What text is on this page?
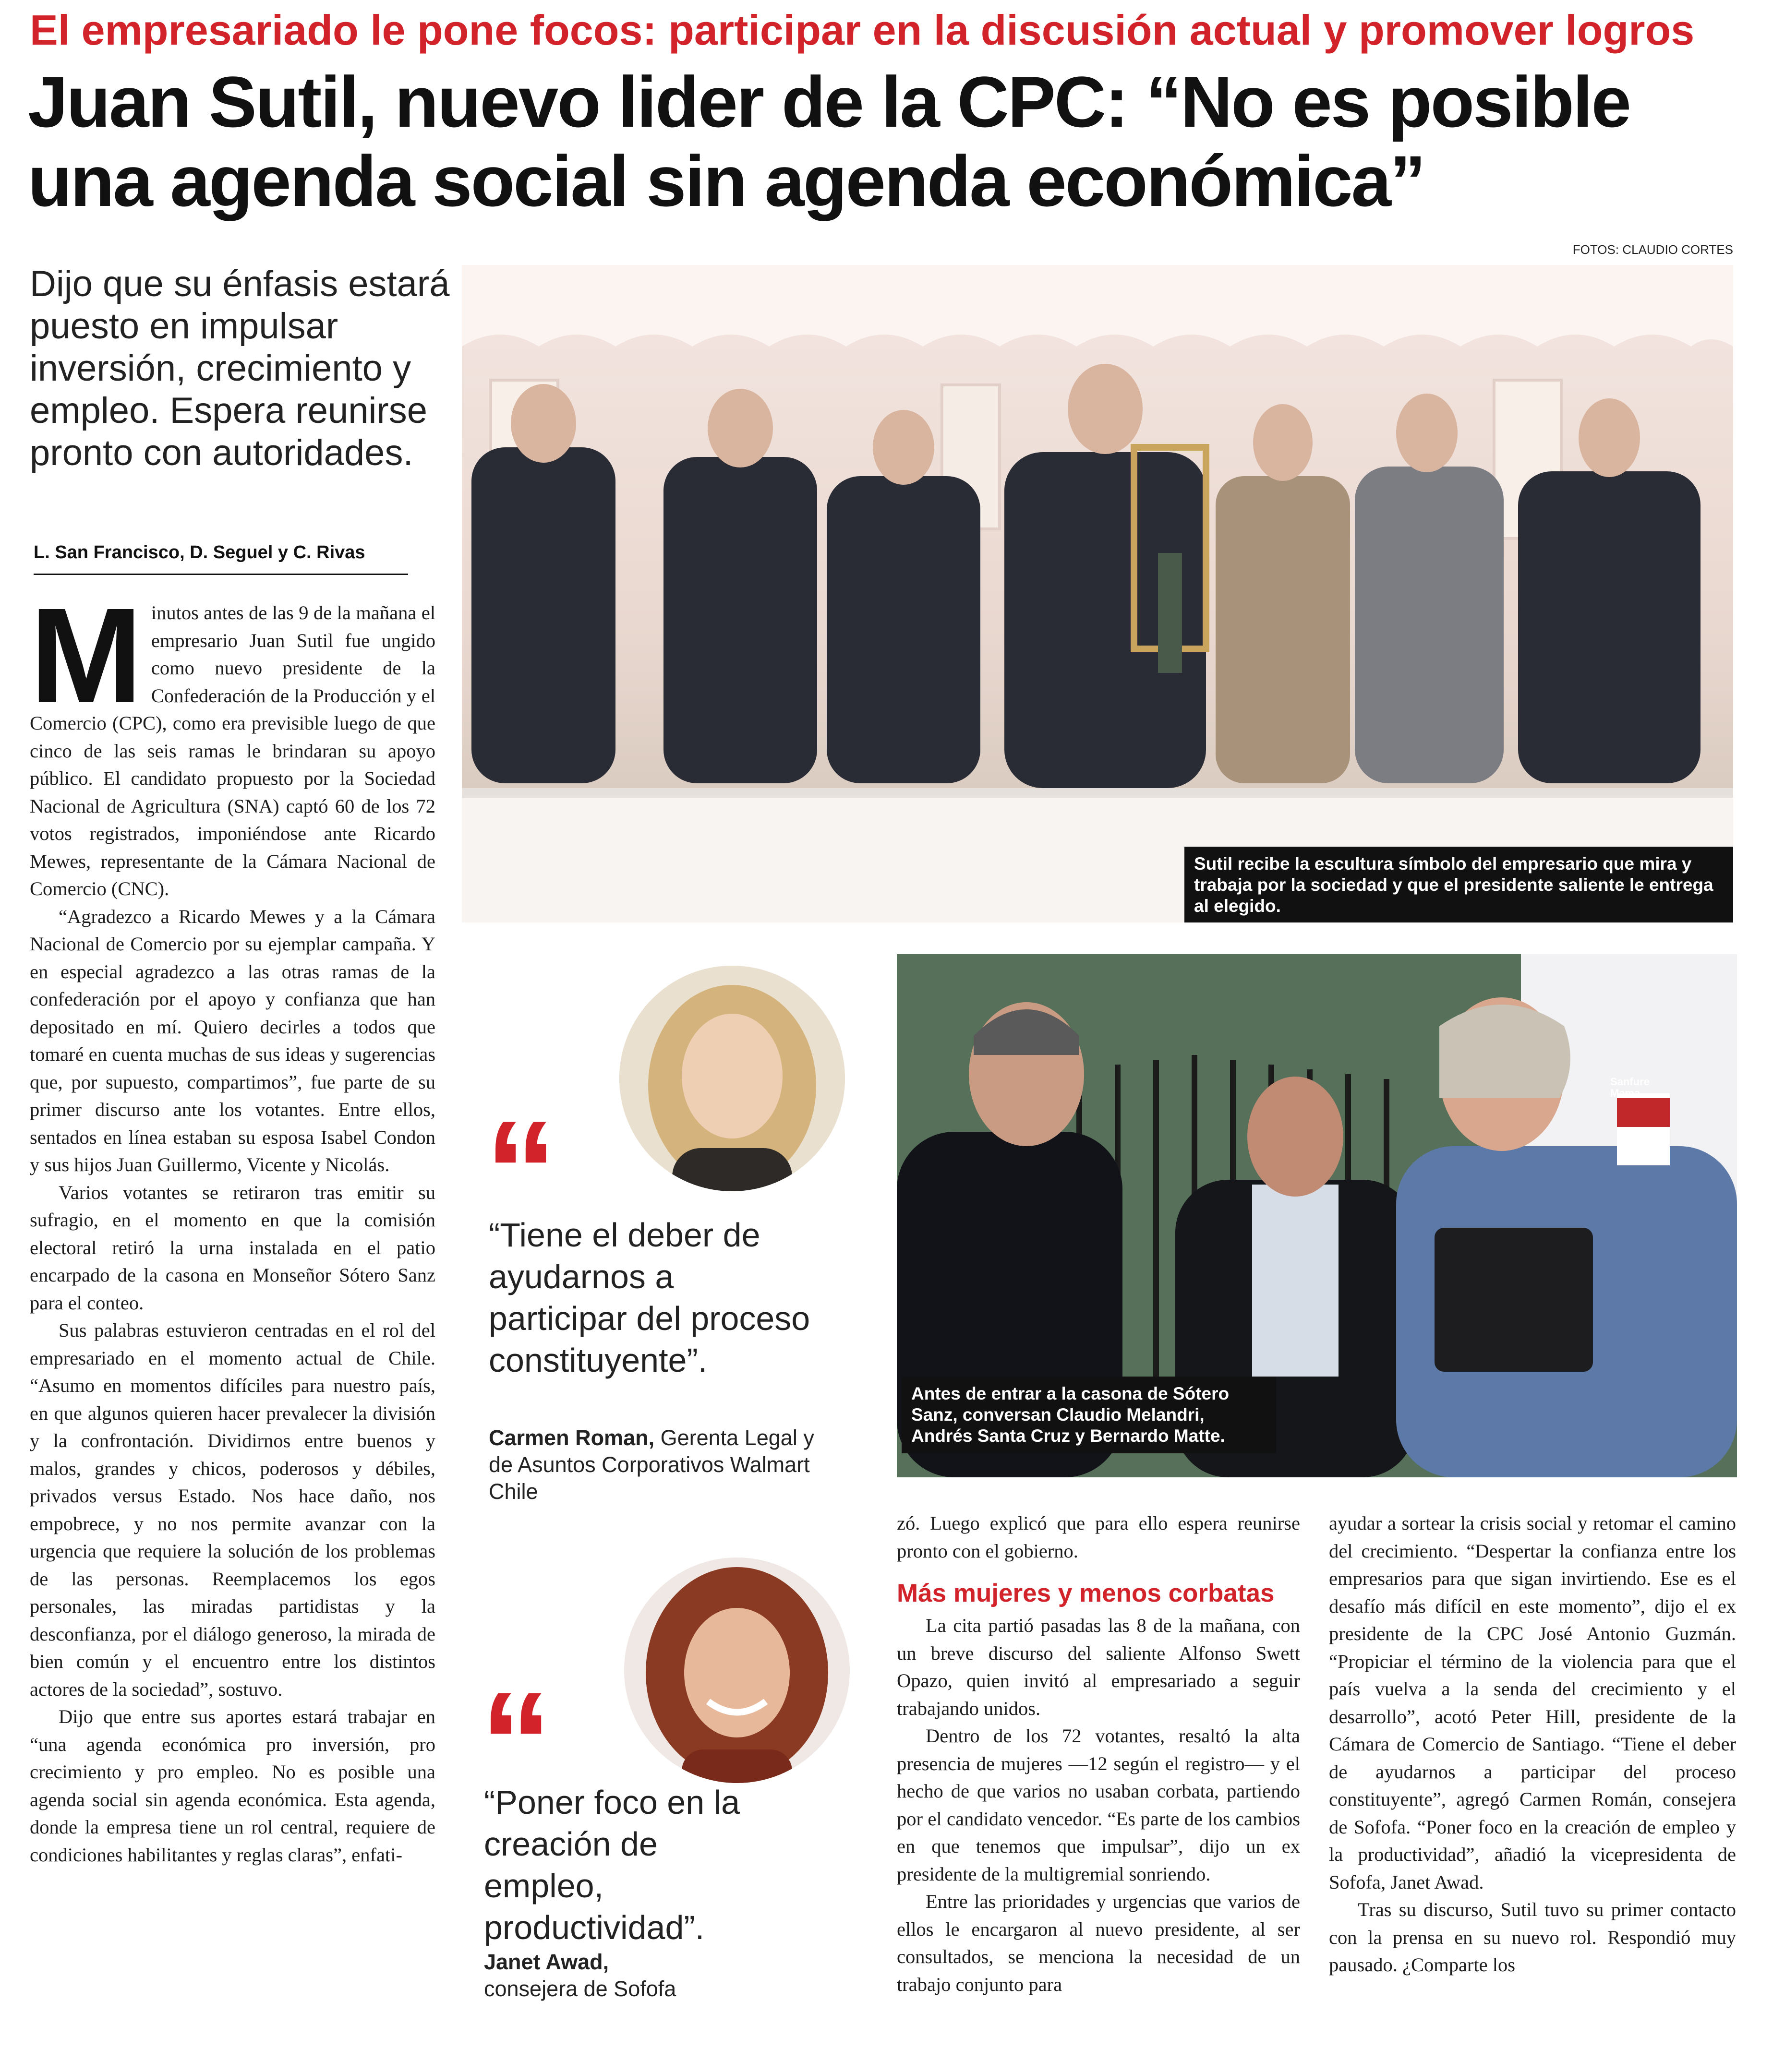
El empresariado le pone focos: participar en la discusión actual y promover logros
Juan Sutil, nuevo lider de la CPC: “No es posible una agenda social sin agenda económica”
FOTOS: CLAUDIO CORTES
Dijo que su énfasis estará puesto en impulsar inversión, crecimiento y empleo. Espera reunirse pronto con autoridades.
L. San Francisco, D. Seguel y C. Rivas
Sutil recibe la escultura símbolo del empresario que mira y trabaja por la sociedad y que el presidente saliente le entrega al elegido.

Minutos antes de las 9 de la mañana el empresario Juan Sutil fue ungido como nuevo presidente de la Confederación de la Producción y el Comercio (CPC), como era previsible luego de que cinco de las seis ramas le brindaran su apoyo público. El candidato propuesto por la Sociedad Nacional de Agricultura (SNA) captó 60 de los 72 votos registrados, imponiéndose ante Ricardo Mewes, representante de la Cámara Nacional de Comercio (CNC).

“Agradezco a Ricardo Mewes y a la Cámara Nacional de Comercio por su ejemplar campaña. Y en especial agradezco a las otras ramas de la confederación por el apoyo y confianza que han depositado en mí. Quiero decirles a todos que tomaré en cuenta muchas de sus ideas y sugerencias que, por supuesto, compartimos”, fue parte de su primer discurso ante los votantes. Entre ellos, sentados en línea estaban su esposa Isabel Condon y sus hijos Juan Guillermo, Vicente y Nicolás.

Varios votantes se retiraron tras emitir su sufragio, en el momento en que la comisión electoral retiró la urna instalada en el patio encarpado de la casona en Monseñor Sótero Sanz para el conteo.

Sus palabras estuvieron centradas en el rol del empresariado en el momento actual de Chile. “Asumo en momentos difíciles para nuestro país, en que algunos quieren hacer prevalecer la división y la confrontación. Dividirnos entre buenos y malos, grandes y chicos, poderosos y débiles, privados versus Estado. Nos hace daño, nos empobrece, y no nos permite avanzar con la urgencia que requiere la solución de los problemas de las personas. Reemplacemos los egos personales, las miradas partidistas y la desconfianza, por el diálogo generoso, la mirada de bien común y el encuentro entre los distintos actores de la sociedad”, sostuvo.

Dijo que entre sus aportes estará trabajar en “una agenda económica pro inversión, pro crecimiento y pro empleo. No es posible una agenda social sin agenda económica. Esta agenda, donde la empresa tiene un rol central, requiere de condiciones habilitantes y reglas claras”, enfati-

“
“Tiene el deber de ayudarnos a participar del proceso constituyente”.
Carmen Roman, Gerenta Legal y de Asuntos Corporativos Walmart Chile
“
“Poner foco en la creación de empleo, productividad”.
Janet Awad,
consejera de Sofofa
Sanfure Mama
Antes de entrar a la casona de Sótero Sanz, conversan Claudio Melandri, Andrés Santa Cruz y Bernardo Matte.

zó. Luego explicó que para ello espera reunirse pronto con el gobierno.

Más mujeres y menos corbatas

La cita partió pasadas las 8 de la mañana, con un breve discurso del saliente Alfonso Swett Opazo, quien invitó al empresariado a seguir trabajando unidos.

Dentro de los 72 votantes, resaltó la alta presencia de mujeres —12 según el registro— y el hecho de que varios no usaban corbata, partiendo por el candidato vencedor. “Es parte de los cambios en que tenemos que impulsar”, dijo un ex presidente de la multigremial sonriendo.

Entre las prioridades y urgencias que varios de ellos le encargaron al nuevo presidente, al ser consultados, se menciona la necesidad de un trabajo conjunto para

ayudar a sortear la crisis social y retomar el camino del crecimiento. “Despertar la confianza entre los empresarios para que sigan invirtiendo. Ese es el desafío más difícil en este momento”, dijo el ex presidente de la CPC José Antonio Guzmán. “Propiciar el término de la violencia para que el país vuelva a la senda del crecimiento y el desarrollo”, acotó Peter Hill, presidente de la Cámara de Comercio de Santiago. “Tiene el deber de ayudarnos a participar del proceso constituyente”, agregó Carmen Román, consejera de Sofofa. “Poner foco en la creación de empleo y la productividad”, añadió la vicepresidenta de Sofofa, Janet Awad.

Tras su discurso, Sutil tuvo su primer contacto con la prensa en su nuevo rol. Respondió muy pausado. ¿Comparte los
